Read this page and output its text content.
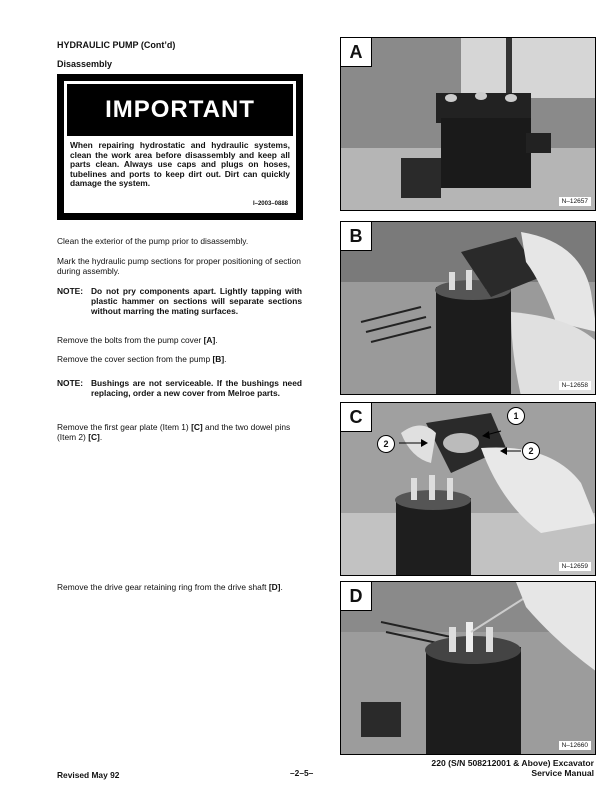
HYDRAULIC PUMP (Cont’d)
Disassembly
IMPORTANT
When repairing hydrostatic and hydraulic systems, clean the work area before disassembly and keep all parts clean. Always use caps and plugs on hoses, tubelines and ports to keep dirt out. Dirt can quickly damage the system.
I–2003–0888
Clean the exterior of the pump prior to disassembly.
Mark the hydraulic pump sections for proper positioning of section during assembly.
NOTE: Do not pry components apart. Lightly tapping with plastic hammer on sections will separate sections without marring the mating surfaces.
Remove the bolts from the pump cover [A].
Remove the cover section from the pump [B].
NOTE: Bushings are not serviceable. If the bushings need replacing, order a new cover from Melroe parts.
Remove the first gear plate (Item 1) [C] and the two dowel pins (Item 2) [C].
Remove the drive gear retaining ring from the drive shaft [D].
A
N–12657
B
N–12658
C	1
2
2
N–12659
D
N–12660
Revised May 92	–2–5–
220 (S/N 508212001 & Above) Excavator
Service Manual
